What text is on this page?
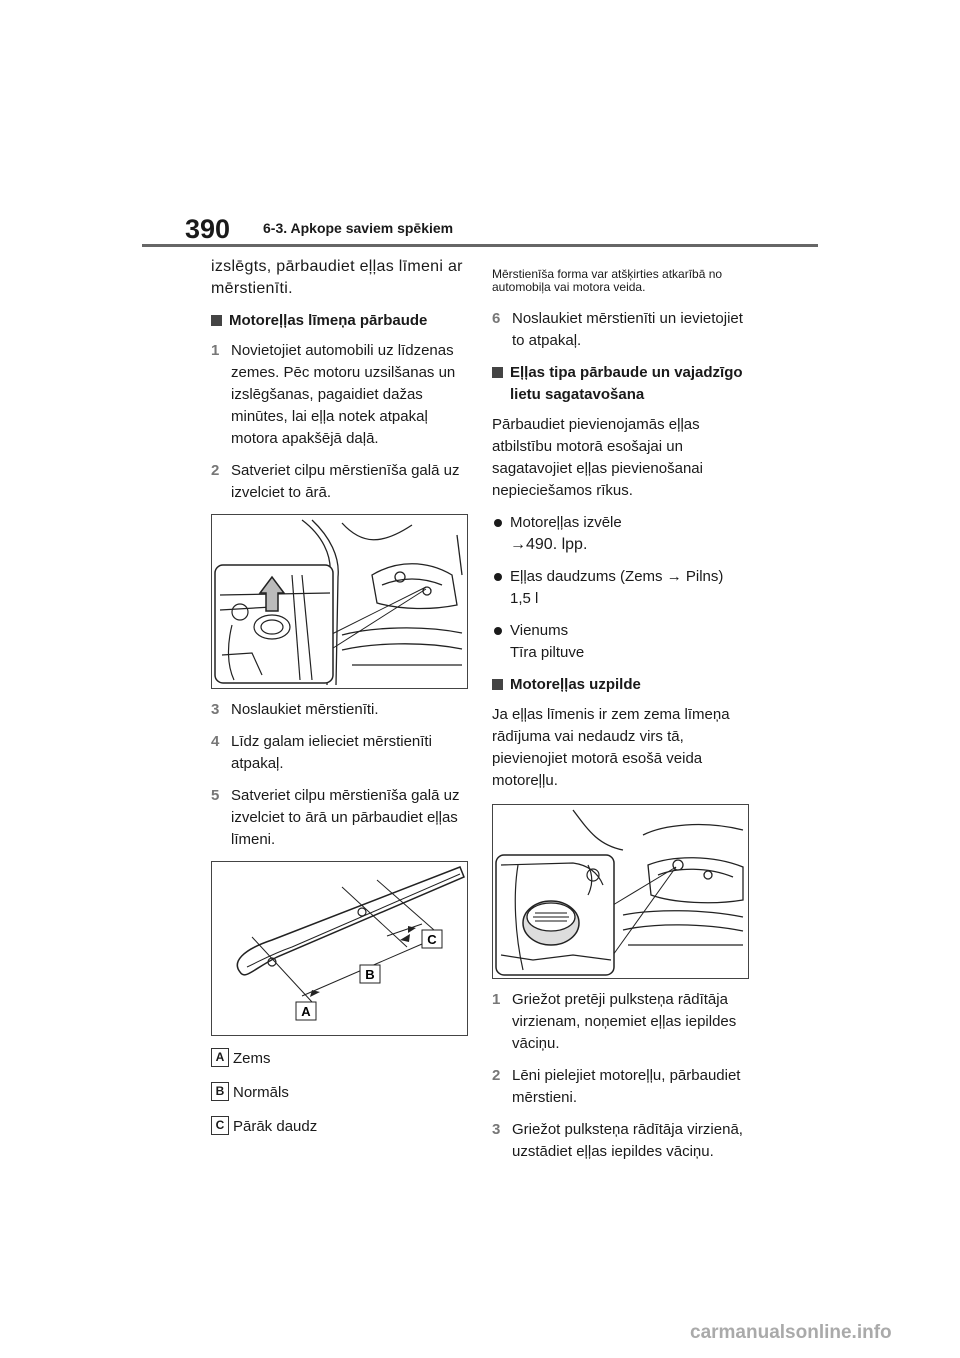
390 6-3. Apkope saviem spēkiem

izslēgts, pārbaudiet eļļas līmeni ar mērstienīti.

Motoreļļas līmeņa pārbaude
1 Novietojiet automobili uz līdzenas zemes. Pēc motoru uzsilšanas un izslēgšanas, pagaidiet dažas minūtes, lai eļļa notek atpakaļ motora apakšējā daļā.
2 Satveriet cilpu mērstienīša galā uz izvelciet to ārā.
3 Noslaukiet mērstienīti.
4 Līdz galam ielieciet mērstienīti atpakaļ.
5 Satveriet cilpu mērstienīša galā uz izvelciet to ārā un pārbaudiet eļļas līmeni.
A
B
C
A Zems
B Normāls
C Pārāk daudz

Mērstienīša forma var atšķirties atkarībā no automobiļa vai motora veida.

6 Noslaukiet mērstienīti un ievietojiet to atpakaļ.
Eļļas tipa pārbaude un vajadzīgo lietu sagatavošana

Pārbaudiet pievienojamās eļļas atbilstību motorā esošajai un sagatavojiet eļļas pievienošanai nepieciešamos rīkus.

Motoreļļas izvēle
→490. lpp.
Eļļas daudzums (Zems → Pilns)
1,5 l
Vienums
Tīra piltuve
Motoreļļas uzpilde

Ja eļļas līmenis ir zem zema līmeņa rādījuma vai nedaudz virs tā, pievienojiet motorā esošā veida motoreļļu.

1 Griežot pretēji pulksteņa rādītāja virzienam, noņemiet eļļas iepildes vāciņu.
2 Lēni pielejiet motoreļļu, pārbaudiet mērstieni.
3 Griežot pulksteņa rādītāja virzienā, uzstādiet eļļas iepildes vāciņu.
carmanualsonline.info
